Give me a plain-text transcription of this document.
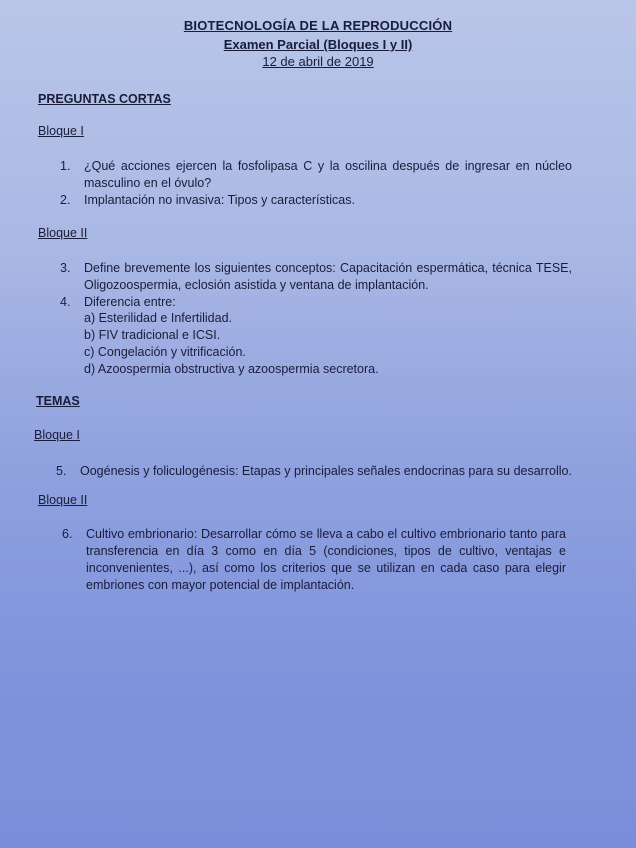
BIOTECNOLOGÍA DE LA REPRODUCCIÓN
Examen Parcial (Bloques I y II)
12 de abril de 2019
PREGUNTAS CORTAS
Bloque I
1. ¿Qué acciones ejercen la fosfolipasa C y la oscilina después de ingresar en núcleo
masculino en el óvulo?
2. Implantación no invasiva: Tipos y características.
Bloque II
3. Define brevemente los siguientes conceptos: Capacitación espermática, técnica TESE,
Oligozoospermia, eclosión asistida y ventana de implantación.
4. Diferencia entre:
a) Esterilidad e Infertilidad.
b) FIV tradicional e ICSI.
c) Congelación y vitrificación.
d) Azoospermia obstructiva y azoospermia secretora.
TEMAS
Bloque I
5. Oogénesis y foliculogénesis: Etapas y principales señales endocrinas para su desarrollo.
Bloque II
6. Cultivo embrionario: Desarrollar cómo se lleva a cabo el cultivo embrionario tanto para
transferencia en día 3 como en día 5 (condiciones, tipos de cultivo, ventajas e
inconvenientes, ...), así como los criterios que se utilizan en cada caso para elegir
embriones con mayor potencial de implantación.
